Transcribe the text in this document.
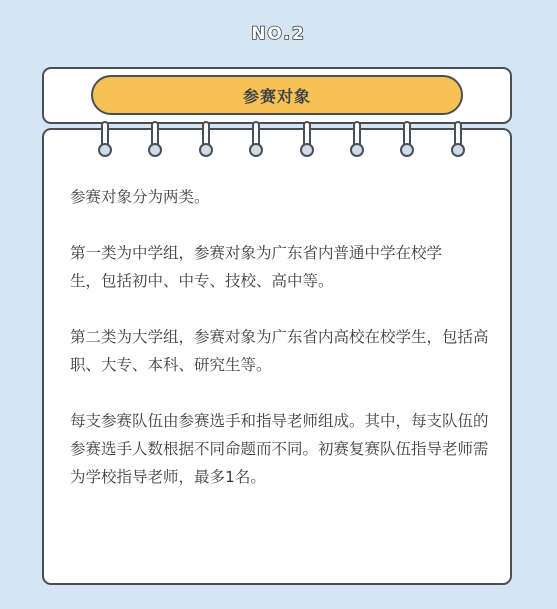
NO.2
参赛对象

参赛对象分为两类。

第一类为中学组，参赛对象为广东省内普通中学在校学

生，包括初中、中专、技校、高中等。

第二类为大学组，参赛对象为广东省内高校在校学生，包括高职、大专、本科、研究生等。

每支参赛队伍由参赛选手和指导老师组成。其中，每支队伍的参赛选手人数根据不同命题而不同。初赛复赛队伍指导老师需为学校指导老师，最多1名。
